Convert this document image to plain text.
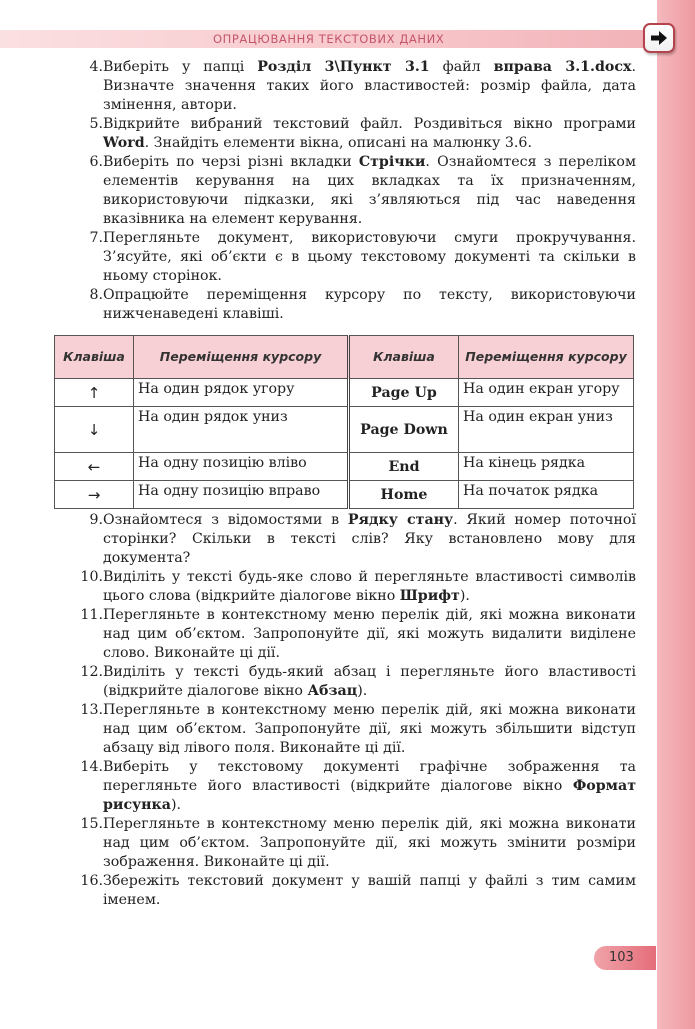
ОПРАЦЮВАННЯ ТЕКСТОВИХ ДАНИХ
4. Виберіть у папці Розділ 3\Пункт 3.1 файл вправа 3.1.docx. Визначте значення таких його властивостей: розмір файла, дата змінення, автори.
5. Відкрийте вибраний текстовий файл. Роздивіться вікно програми Word. Знайдіть елементи вікна, описані на малюнку 3.6.
6. Виберіть по черзі різні вкладки Стрічки. Ознайомтеся з переліком елементів керування на цих вкладках та їх призначенням, використовуючи підказки, які з’являються під час наведення вказівника на елемент керування.
7. Перегляньте документ, використовуючи смуги прокручування. З’ясуйте, які об’єкти є в цьому текстовому документі та скільки в ньому сторінок.
8. Опрацюйте переміщення курсору по тексту, використовуючи нижченаведені клавіші.
Клавіша	Переміщення курсору	Клавіша	Переміщення курсору
↑	На один рядок угору	Page Up	На один екран угору
↓	На один рядок униз	Page Down	На один екран униз
←	На одну позицію вліво	End	На кінець рядка
→	На одну позицію вправо	Home	На початок рядка
9. Ознайомтеся з відомостями в Рядку стану. Який номер поточної сторінки? Скільки в тексті слів? Яку встановлено мову для документа?
10. Виділіть у тексті будь-яке слово й перегляньте властивості символів цього слова (відкрийте діалогове вікно Шрифт).
11. Перегляньте в контекстному меню перелік дій, які можна виконати над цим об’єктом. Запропонуйте дії, які можуть видалити виділене слово. Виконайте ці дії.
12. Виділіть у тексті будь-який абзац і перегляньте його властивості (відкрийте діалогове вікно Абзац).
13. Перегляньте в контекстному меню перелік дій, які можна виконати над цим об’єктом. Запропонуйте дії, які можуть збільшити відступ абзацу від лівого поля. Виконайте ці дії.
14. Виберіть у текстовому документі графічне зображення та перегляньте його властивості (відкрийте діалогове вікно Формат рисунка).
15. Перегляньте в контекстному меню перелік дій, які можна виконати над цим об’єктом. Запропонуйте дії, які можуть змінити розміри зображення. Виконайте ці дії.
16. Збережіть текстовий документ у вашій папці у файлі з тим самим іменем.
103
